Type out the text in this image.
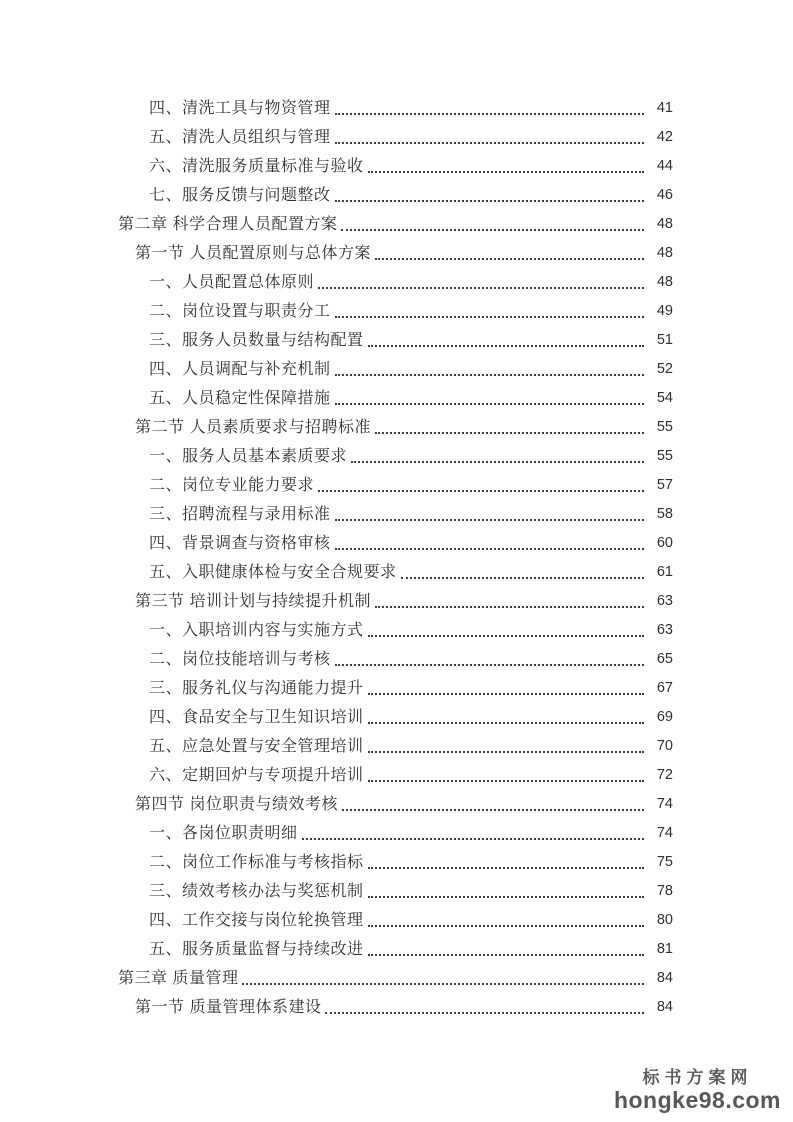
四、清洗工具与物资管理	41
五、清洗人员组织与管理	42
六、清洗服务质量标准与验收	44
七、服务反馈与问题整改	46
第二章 科学合理人员配置方案	48
第一节 人员配置原则与总体方案	48
一、人员配置总体原则	48
二、岗位设置与职责分工	49
三、服务人员数量与结构配置	51
四、人员调配与补充机制	52
五、人员稳定性保障措施	54
第二节 人员素质要求与招聘标准	55
一、服务人员基本素质要求	55
二、岗位专业能力要求	57
三、招聘流程与录用标准	58
四、背景调查与资格审核	60
五、入职健康体检与安全合规要求	61
第三节 培训计划与持续提升机制	63
一、入职培训内容与实施方式	63
二、岗位技能培训与考核	65
三、服务礼仪与沟通能力提升	67
四、食品安全与卫生知识培训	69
五、应急处置与安全管理培训	70
六、定期回炉与专项提升培训	72
第四节 岗位职责与绩效考核	74
一、各岗位职责明细	74
二、岗位工作标准与考核指标	75
三、绩效考核办法与奖惩机制	78
四、工作交接与岗位轮换管理	80
五、服务质量监督与持续改进	81
第三章 质量管理	84
第一节 质量管理体系建设	84
标书方案网
hongke98.com
